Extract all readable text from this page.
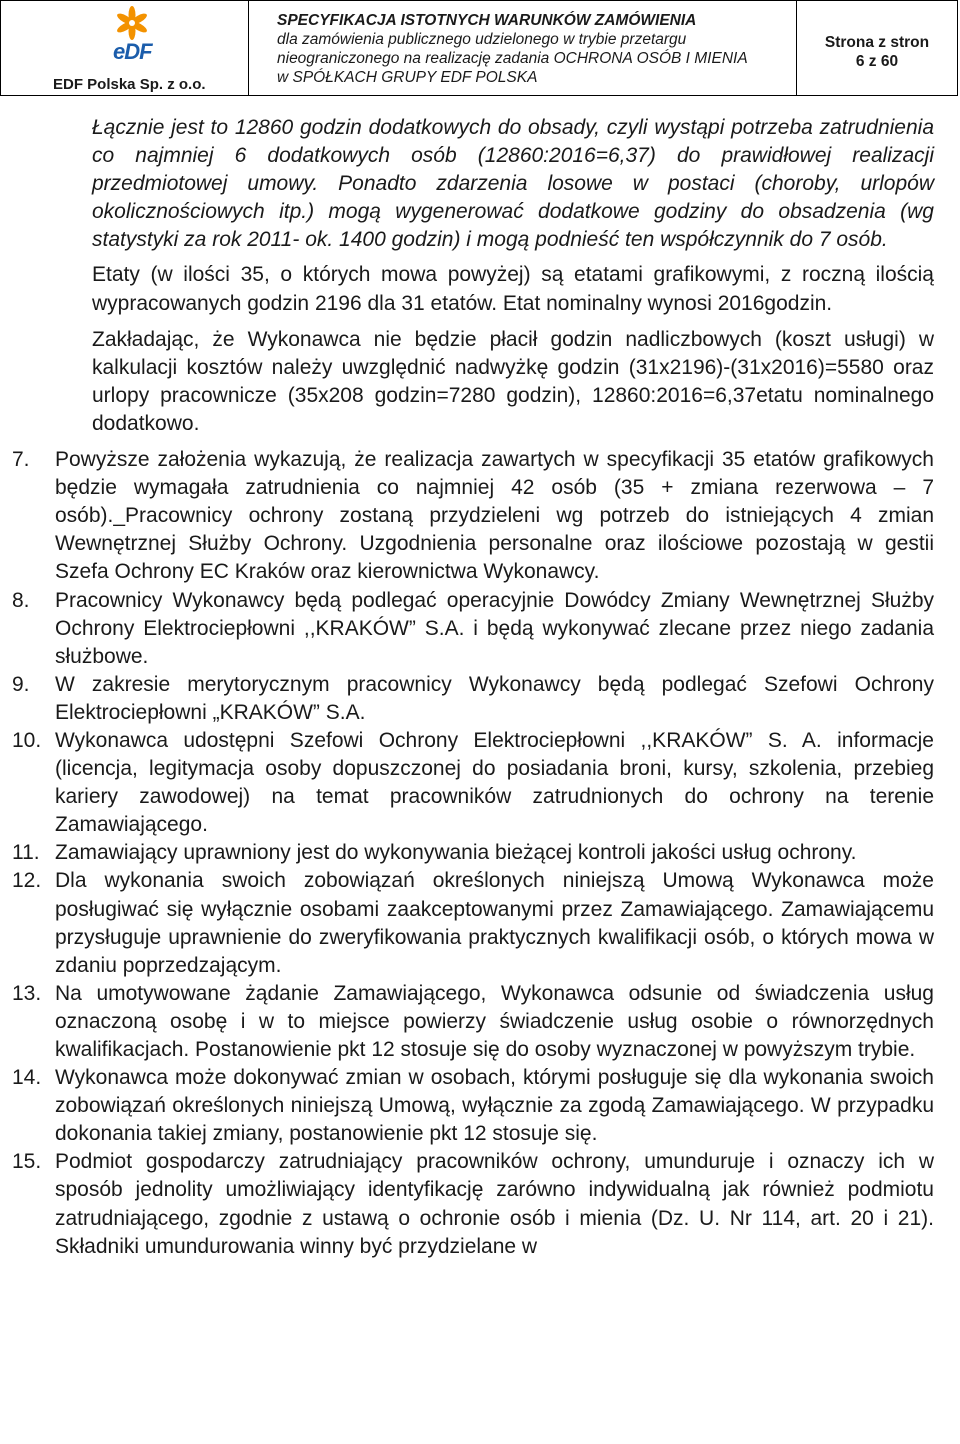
eDF
EDF Polska Sp. z o.o.
SPECYFIKACJA ISTOTNYCH WARUNKÓW ZAMÓWIENIA
dla zamówienia publicznego udzielonego w trybie przetargu
nieograniczonego na realizację zadania OCHRONA OSÓB I MIENIA
w SPÓŁKACH GRUPY EDF POLSKA
Strona z stron
6 z 60

Łącznie jest to 12860 godzin dodatkowych do obsady, czyli wystąpi potrzeba zatrudnienia co najmniej 6 dodatkowych osób (12860:2016=6,37) do prawidłowej realizacji przedmiotowej umowy. Ponadto zdarzenia losowe w postaci (choroby, urlopów okolicznościowych itp.) mogą wygenerować dodatkowe godziny do obsadzenia (wg statystyki za rok 2011- ok. 1400 godzin) i mogą podnieść ten współczynnik do 7 osób.

Etaty (w ilości 35, o których mowa powyżej) są etatami grafikowymi, z roczną ilością wypracowanych godzin 2196 dla 31 etatów. Etat nominalny wynosi 2016godzin.

Zakładając, że Wykonawca nie będzie płacił godzin nadliczbowych (koszt usługi) w kalkulacji kosztów należy uwzględnić nadwyżkę godzin (31x2196)-(31x2016)=5580 oraz urlopy pracownicze (35x208 godzin=7280 godzin), 12860:2016=6,37etatu nominalnego dodatkowo.

7. Powyższe założenia wykazują, że realizacja zawartych w specyfikacji 35 etatów grafikowych będzie wymagała zatrudnienia co najmniej 42 osób (35 + zmiana rezerwowa – 7 osób)._Pracownicy ochrony zostaną przydzieleni wg potrzeb do istniejących 4 zmian Wewnętrznej Służby Ochrony. Uzgodnienia personalne oraz ilościowe pozostają w gestii Szefa Ochrony EC Kraków oraz kierownictwa Wykonawcy.
8. Pracownicy Wykonawcy będą podlegać operacyjnie Dowódcy Zmiany Wewnętrznej Służby Ochrony Elektrociepłowni ,,KRAKÓW” S.A. i będą wykonywać zlecane przez niego zadania służbowe.
9. W zakresie merytorycznym pracownicy Wykonawcy będą podlegać Szefowi Ochrony Elektrociepłowni „KRAKÓW” S.A.
10. Wykonawca udostępni Szefowi Ochrony Elektrociepłowni ,,KRAKÓW” S. A. informacje (licencja, legitymacja osoby dopuszczonej do posiadania broni, kursy, szkolenia, przebieg kariery zawodowej) na temat pracowników zatrudnionych do ochrony na terenie Zamawiającego.
11. Zamawiający uprawniony jest do wykonywania bieżącej kontroli jakości usług ochrony.
12. Dla wykonania swoich zobowiązań określonych niniejszą Umową Wykonawca może posługiwać się wyłącznie osobami zaakceptowanymi przez Zamawiającego. Zamawiającemu przysługuje uprawnienie do zweryfikowania praktycznych kwalifikacji osób, o których mowa w zdaniu poprzedzającym.
13. Na umotywowane żądanie Zamawiającego, Wykonawca odsunie od świadczenia usług oznaczoną osobę i w to miejsce powierzy świadczenie usług osobie o równorzędnych kwalifikacjach. Postanowienie pkt 12 stosuje się do osoby wyznaczonej w powyższym trybie.
14. Wykonawca może dokonywać zmian w osobach, którymi posługuje się dla wykonania swoich zobowiązań określonych niniejszą Umową, wyłącznie za zgodą Zamawiającego. W przypadku dokonania takiej zmiany, postanowienie pkt 12 stosuje się.
15. Podmiot gospodarczy zatrudniający pracowników ochrony, umunduruje i oznaczy ich w sposób jednolity umożliwiający identyfikację zarówno indywidualną jak również podmiotu zatrudniającego, zgodnie z ustawą o ochronie osób i mienia (Dz. U. Nr 114, art. 20 i 21). Składniki umundurowania winny być przydzielane w
